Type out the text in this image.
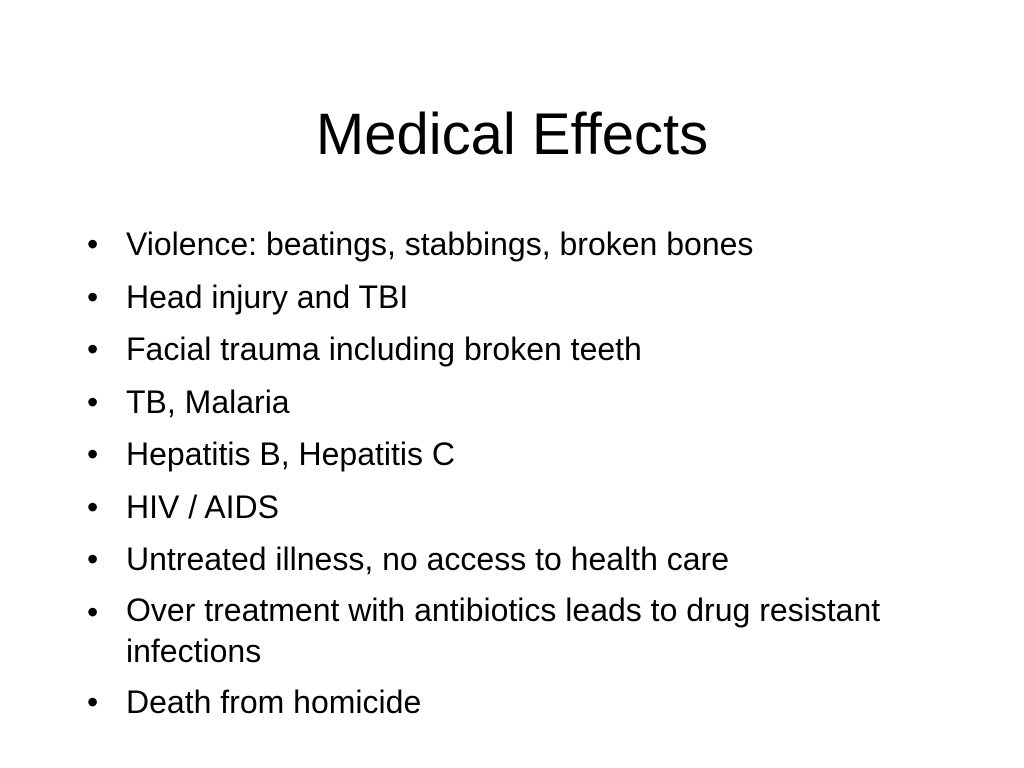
Medical Effects
• Violence: beatings, stabbings, broken bones
• Head injury and TBI
• Facial trauma including broken teeth
• TB, Malaria
• Hepatitis B, Hepatitis C
• HIV / AIDS
• Untreated illness, no access to health care
• Over treatment with antibiotics leads to drug resistant infections
• Death from homicide
